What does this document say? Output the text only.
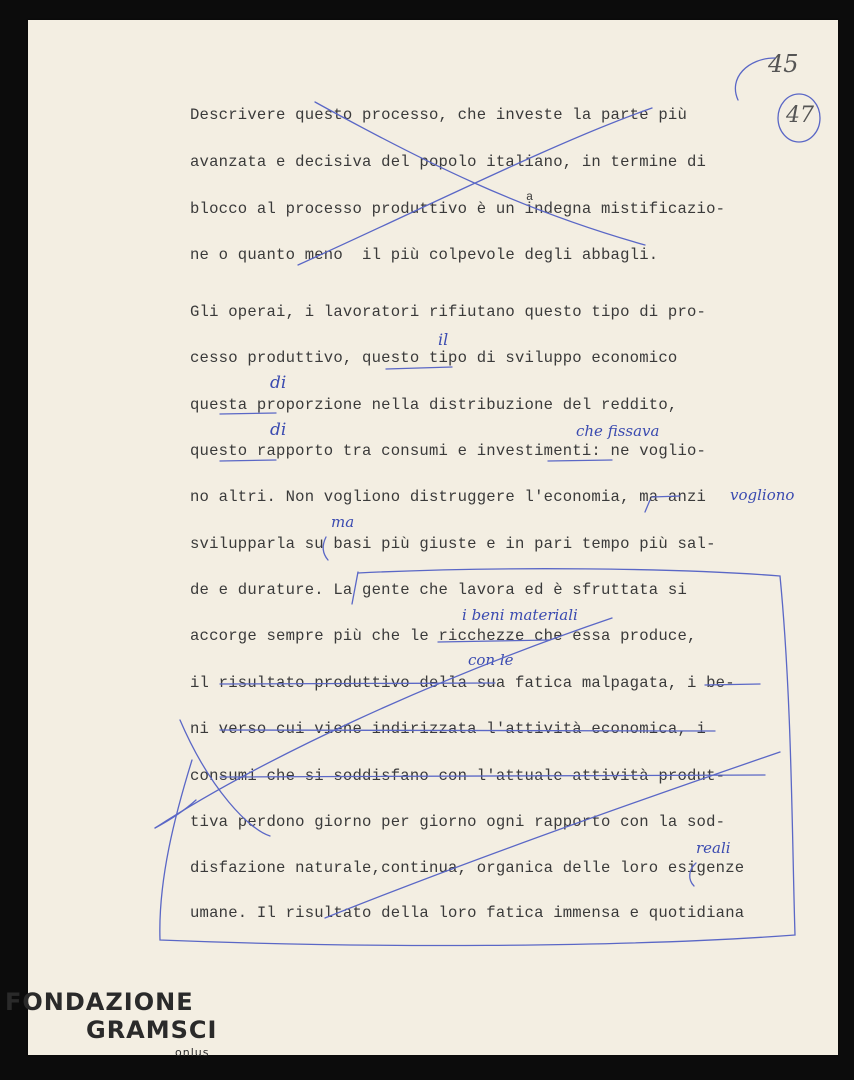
Descrivere questo processo, che investe la parte più
avanzata e decisiva del popolo italiano, in termine di
blocco al processo produttivo è un indegna mistificazio-
ne o quanto meno  il più colpevole degli abbagli.
Gli operai, i lavoratori rifiutano questo tipo di pro-
cesso produttivo, questo tipo di sviluppo economico
questa proporzione nella distribuzione del reddito,
questo rapporto tra consumi e investimenti: ne voglio-
no altri. Non vogliono distruggere l'economia, ma anzi
svilupparla su basi più giuste e in pari tempo più sal-
de e durature. La gente che lavora ed è sfruttata si
accorge sempre più che le ricchezze che essa produce,
il risultato produttivo della sua fatica malpagata, i be-
ni verso cui viene indirizzata l'attività economica, i
consumi che si soddisfano con l'attuale attività produt-
tiva perdono giorno per giorno ogni rapporto con la sod-
disfazione naturale,continua, organica delle loro esigenze
umane. Il risultato della loro fatica immensa e quotidiana
a
il
di
di	che fissava
vogliono
ma
i beni materiali
con le
reali
45
47
FONDAZIONE
GRAMSCI
onlus
